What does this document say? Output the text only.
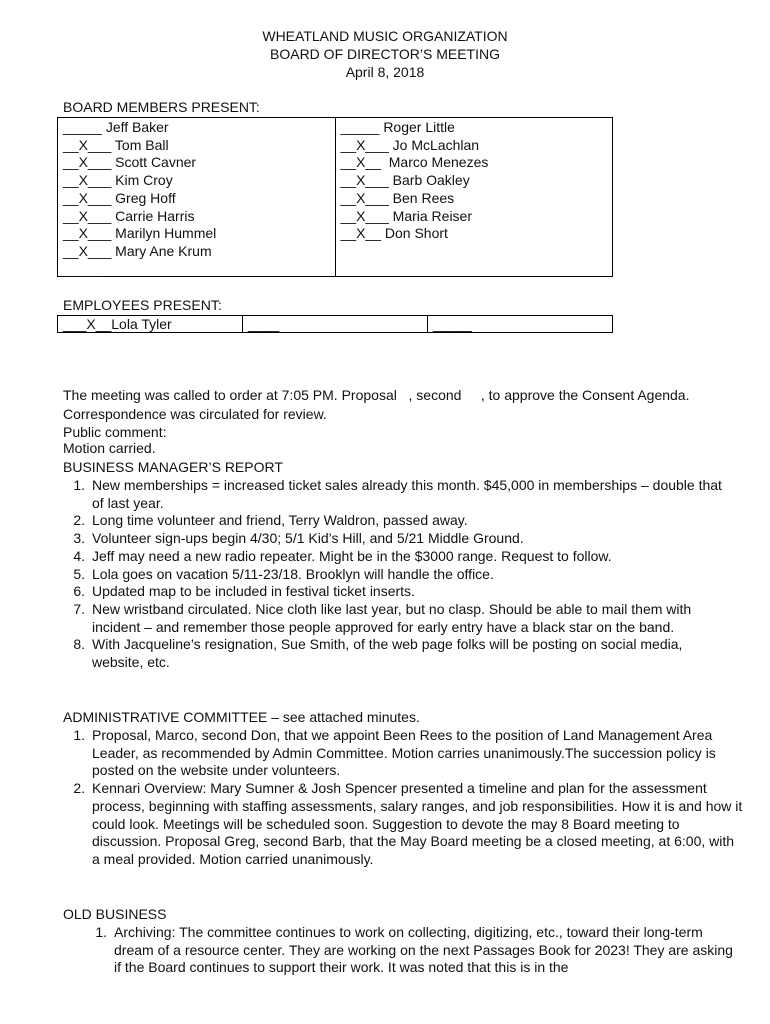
WHEATLAND MUSIC ORGANIZATION
BOARD OF DIRECTOR’S MEETING
April 8, 2018
BOARD MEMBERS PRESENT:
_____ Jeff Baker
__X___ Tom Ball
__X___ Scott Cavner
__X___ Kim Croy
__X___ Greg Hoff
__X___ Carrie Harris
__X___ Marilyn Hummel
__X___ Mary Ane Krum
_____
_____ Roger Little
__X___ Jo McLachlan
__X__  Marco Menezes
__X___ Barb Oakley
__X___ Ben Rees
__X___ Maria Reiser
__X__ Don Short
EMPLOYEES PRESENT:
___X__Lola Tyler	____	_____

The meeting was called to order at 7:05 PM. Proposal   , second     , to approve the Consent Agenda.

Motion carried.

Correspondence was circulated for review.
Public comment:
BUSINESS MANAGER’S REPORT
1. New memberships = increased ticket sales already this month. $45,000 in memberships – double that of last year.
2. Long time volunteer and friend, Terry Waldron, passed away.
3. Volunteer sign-ups begin 4/30; 5/1 Kid’s Hill, and 5/21 Middle Ground.
4. Jeff may need a new radio repeater. Might be in the $3000 range. Request to follow.
5. Lola goes on vacation 5/11-23/18. Brooklyn will handle the office.
6. Updated map to be included in festival ticket inserts.
7. New wristband circulated. Nice cloth like last year, but no clasp. Should be able to mail them with incident – and remember those people approved for early entry have a black star on the band.
8. With Jacqueline’s resignation, Sue Smith, of the web page folks will be posting on social media, website, etc.
ADMINISTRATIVE COMMITTEE – see attached minutes.
1. Proposal, Marco, second Don, that we appoint Been Rees to the position of Land Management Area Leader, as recommended by Admin Committee. Motion carries unanimously.The succession policy is posted on the website under volunteers.
2. Kennari Overview: Mary Sumner & Josh Spencer presented a timeline and plan for the assessment process, beginning with staffing assessments, salary ranges, and job responsibilities. How it is and how it could look. Meetings will be scheduled soon. Suggestion to devote the may 8 Board meeting to discussion. Proposal Greg, second Barb, that the May Board meeting be a closed meeting, at 6:00, with a meal provided. Motion carried unanimously.
OLD BUSINESS
1. Archiving: The committee continues to work on collecting, digitizing, etc., toward their long-term dream of a resource center. They are working on the next Passages Book for 2023! They are asking if the Board continues to support their work. It was noted that this is in the
